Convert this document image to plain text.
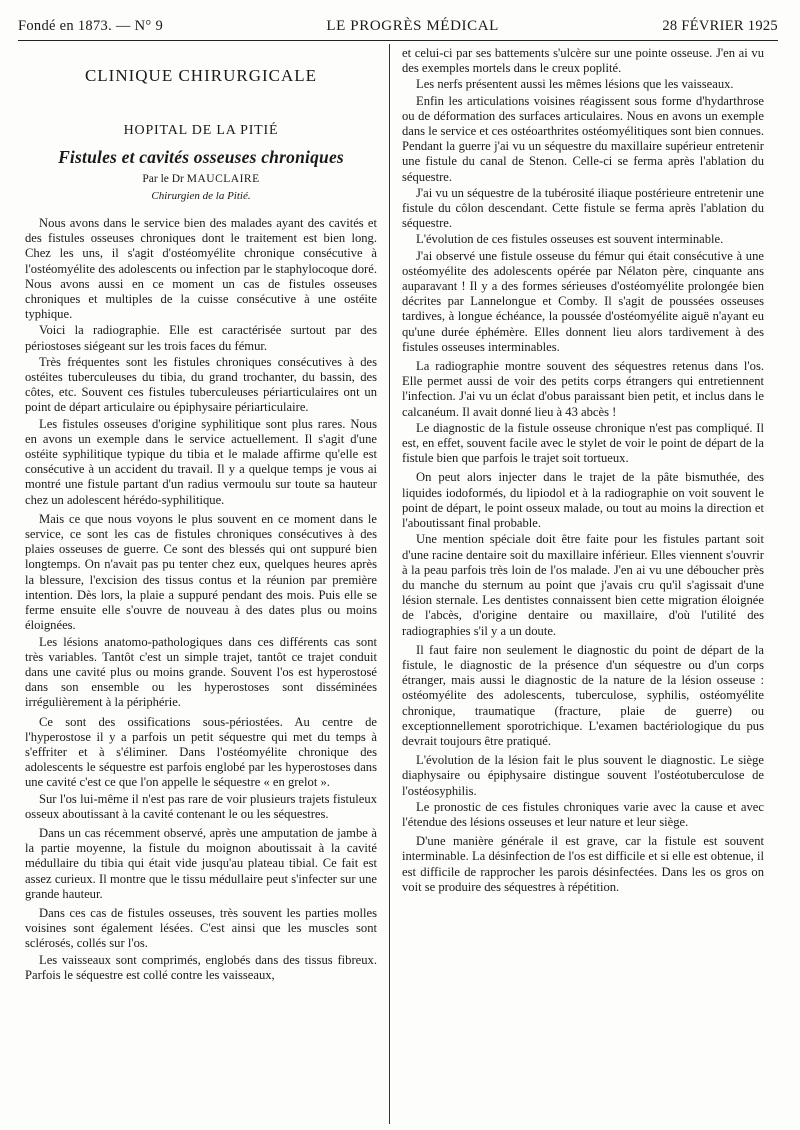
Fondé en 1873. — N° 9	LE PROGRÈS MÉDICAL	28 FÉVRIER 1925
CLINIQUE CHIRURGICALE
HOPITAL DE LA PITIÉ
Fistules et cavités osseuses chroniques
Par le Dr MAUCLAIRE
Chirurgien de la Pitié.

Nous avons dans le service bien des malades ayant des cavités et des fistules osseuses chroniques dont le traitement est bien long. Chez les uns, il s'agit d'ostéomyélite chronique consécutive à l'ostéomyélite des adolescents ou infection par le staphylocoque doré. Nous avons aussi en ce moment un cas de fistules osseuses chroniques et multiples de la cuisse consécutive à une ostéite typhique.

Voici la radiographie. Elle est caractérisée surtout par des périostoses siégeant sur les trois faces du fémur.

Très fréquentes sont les fistules chroniques consécutives à des ostéites tuberculeuses du tibia, du grand trochanter, du bassin, des côtes, etc. Souvent ces fistules tuberculeuses périarticulaires ont un point de départ articulaire ou épiphysaire périarticulaire.

Les fistules osseuses d'origine syphilitique sont plus rares. Nous en avons un exemple dans le service actuellement. Il s'agit d'une ostéite syphilitique typique du tibia et le malade affirme qu'elle est consécutive à un accident du travail. Il y a quelque temps je vous ai montré une fistule partant d'un radius vermoulu sur toute sa hauteur chez un adolescent hérédo-syphilitique.

Mais ce que nous voyons le plus souvent en ce moment dans le service, ce sont les cas de fistules chroniques consécutives à des plaies osseuses de guerre. Ce sont des blessés qui ont suppuré bien longtemps. On n'avait pas pu tenter chez eux, quelques heures après la blessure, l'excision des tissus contus et la réunion par première intention. Dès lors, la plaie a suppuré pendant des mois. Puis elle se ferme ensuite elle s'ouvre de nouveau à des dates plus ou moins éloignées.

Les lésions anatomo-pathologiques dans ces différents cas sont très variables. Tantôt c'est un simple trajet, tantôt ce trajet conduit dans une cavité plus ou moins grande. Souvent l'os est hyperostosé dans son ensemble ou les hyperostoses sont disséminées irrégulièrement à la périphérie.

Ce sont des ossifications sous-périostées. Au centre de l'hyperostose il y a parfois un petit séquestre qui met du temps à s'effriter et à s'éliminer. Dans l'ostéomyélite chronique des adolescents le séquestre est parfois englobé par les hyperostoses dans une cavité c'est ce que l'on appelle le séquestre « en grelot ».

Sur l'os lui-même il n'est pas rare de voir plusieurs trajets fistuleux osseux aboutissant à la cavité contenant le ou les séquestres.

Dans un cas récemment observé, après une amputation de jambe à la partie moyenne, la fistule du moignon aboutissait à la cavité médullaire du tibia qui était vide jusqu'au plateau tibial. Ce fait est assez curieux. Il montre que le tissu médullaire peut s'infecter sur une grande hauteur.

Dans ces cas de fistules osseuses, très souvent les parties molles voisines sont également lésées. C'est ainsi que les muscles sont sclérosés, collés sur l'os.

Les vaisseaux sont comprimés, englobés dans des tissus fibreux. Parfois le séquestre est collé contre les vaisseaux,

et celui-ci par ses battements s'ulcère sur une pointe osseuse. J'en ai vu des exemples mortels dans le creux poplité.

Les nerfs présentent aussi les mêmes lésions que les vaisseaux.

Enfin les articulations voisines réagissent sous forme d'hydarthrose ou de déformation des surfaces articulaires. Nous en avons un exemple dans le service et ces ostéoarthrites ostéomyélitiques sont bien connues. Pendant la guerre j'ai vu un séquestre du maxillaire supérieur entretenir une fistule du canal de Stenon. Celle-ci se ferma après l'ablation du séquestre.

J'ai vu un séquestre de la tubérosité iliaque postérieure entretenir une fistule du côlon descendant. Cette fistule se ferma après l'ablation du séquestre.

L'évolution de ces fistules osseuses est souvent interminable.

J'ai observé une fistule osseuse du fémur qui était consécutive à une ostéomyélite des adolescents opérée par Nélaton père, cinquante ans auparavant ! Il y a des formes sérieuses d'ostéomyélite prolongée bien décrites par Lannelongue et Comby. Il s'agit de poussées osseuses tardives, à longue échéance, la poussée d'ostéomyélite aiguë n'ayant eu qu'une durée éphémère. Elles donnent lieu alors tardivement à des fistules osseuses interminables.

La radiographie montre souvent des séquestres retenus dans l'os. Elle permet aussi de voir des petits corps étrangers qui entretiennent l'infection. J'ai vu un éclat d'obus paraissant bien petit, et inclus dans le calcanéum. Il avait donné lieu à 43 abcès !

Le diagnostic de la fistule osseuse chronique n'est pas compliqué. Il est, en effet, souvent facile avec le stylet de voir le point de départ de la fistule bien que parfois le trajet soit tortueux.

On peut alors injecter dans le trajet de la pâte bismuthée, des liquides iodoformés, du lipiodol et à la radiographie on voit souvent le point de départ, le point osseux malade, ou tout au moins la direction et l'aboutissant final probable.

Une mention spéciale doit être faite pour les fistules partant soit d'une racine dentaire soit du maxillaire inférieur. Elles viennent s'ouvrir à la peau parfois très loin de l'os malade. J'en ai vu une déboucher près du manche du sternum au point que j'avais cru qu'il s'agissait d'une lésion sternale. Les dentistes connaissent bien cette migration éloignée de l'abcès, d'origine dentaire ou maxillaire, d'où l'utilité des radiographies s'il y a un doute.

Il faut faire non seulement le diagnostic du point de départ de la fistule, le diagnostic de la présence d'un séquestre ou d'un corps étranger, mais aussi le diagnostic de la nature de la lésion osseuse : ostéomyélite des adolescents, tuberculose, syphilis, ostéomyélite chronique, traumatique (fracture, plaie de guerre) ou exceptionnellement sporotrichique. L'examen bactériologique du pus devrait toujours être pratiqué.

L'évolution de la lésion fait le plus souvent le diagnostic. Le siège diaphysaire ou épiphysaire distingue souvent l'ostéotuberculose de l'ostéosyphilis.

Le pronostic de ces fistules chroniques varie avec la cause et avec l'étendue des lésions osseuses et leur nature et leur siège.

D'une manière générale il est grave, car la fistule est souvent interminable. La désinfection de l'os est difficile et si elle est obtenue, il est difficile de rapprocher les parois désinfectées. Dans les os gros on voit se produire des séquestres à répétition.
